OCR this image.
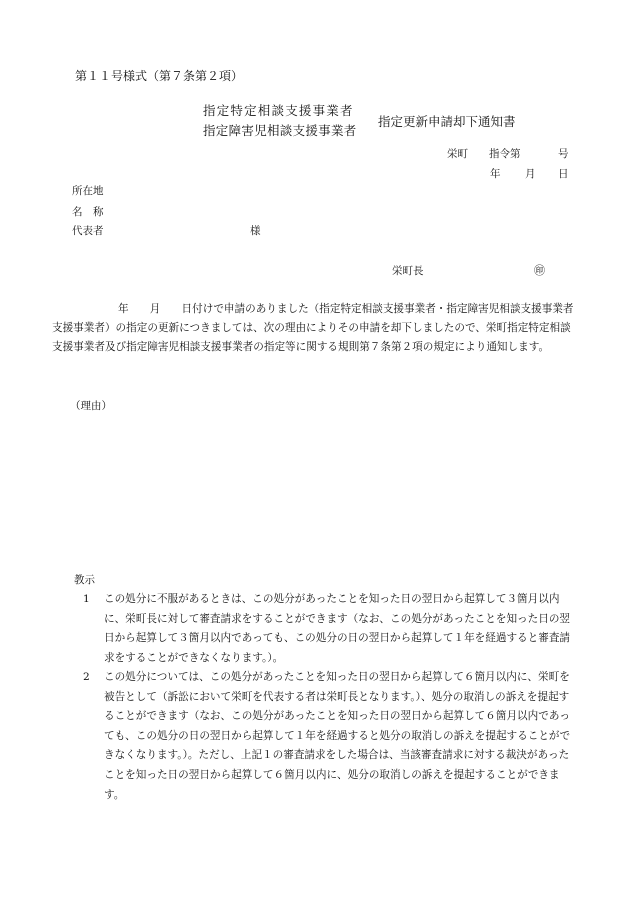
第１１号様式（第７条第２項）
指定特定相談支援事業者
指定障害児相談支援事業者
指定更新申請却下通知書
栄町 指令第	号
年 月 日
所在地
名　称
代表者	様
栄町長	㊞

年　　月　　日付けで申請のありました（指定特定相談支援事業者・指定障害児相談支援事業者支援事業者）の指定の更新につきましては、次の理由によりその申請を却下しましたので、栄町指定特定相談支援事業者及び指定障害児相談支援事業者の指定等に関する規則第７条第２項の規定により通知します。

（理由）
教示
1 この処分に不服があるときは、この処分があったことを知った日の翌日から起算して３箇月以内に、栄町長に対して審査請求をすることができます（なお、この処分があったことを知った日の翌日から起算して３箇月以内であっても、この処分の日の翌日から起算して１年を経過すると審査請求をすることができなくなります。）。
2 この処分については、この処分があったことを知った日の翌日から起算して６箇月以内に、栄町を被告として（訴訟において栄町を代表する者は栄町長となります。）、処分の取消しの訴えを提起することができます（なお、この処分があったことを知った日の翌日から起算して６箇月以内であっても、この処分の日の翌日から起算して１年を経過すると処分の取消しの訴えを提起することができなくなります。）。ただし、上記１の審査請求をした場合は、当該審査請求に対する裁決があったことを知った日の翌日から起算して６箇月以内に、処分の取消しの訴えを提起することができます。
